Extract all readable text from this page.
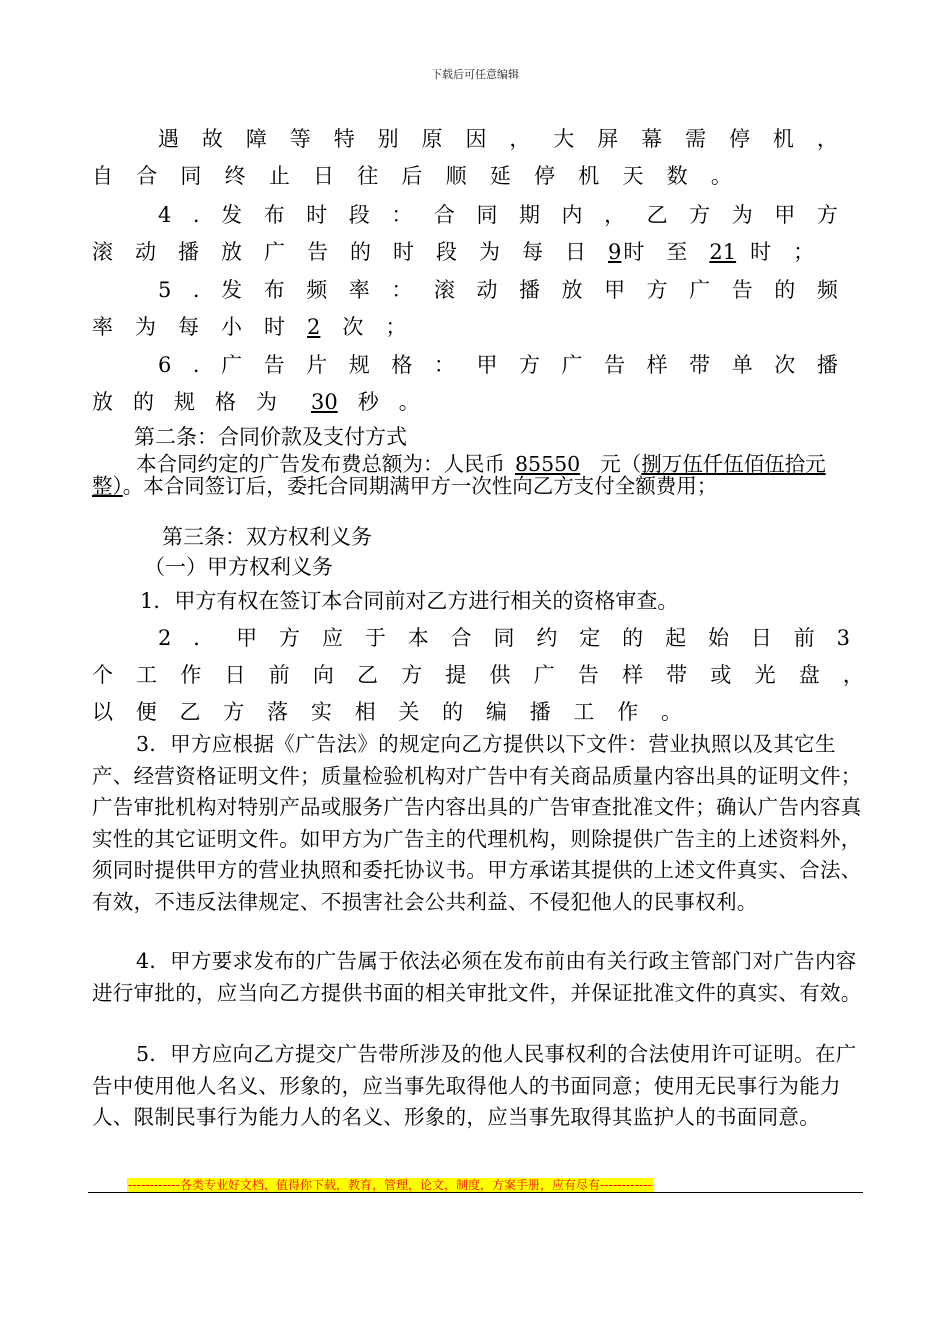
下载后可任意编辑
遇 故 障 等 特 别 原 因 ， 大 屏 幕 需 停 机 ，
自 合 同 终 止 日 往 后 顺 延 停 机 天 数 。
4 . 发 布 时 段 ： 合 同 期 内 ， 乙 方 为 甲 方
滚动播放广告的时段为每日9时至21 时；
5 . 发 布 频 率 ： 滚 动 播 放 甲 方 广 告 的 频
率为每小时2 次；
6 . 广 告 片 规 格 ： 甲 方 广 告 样 带 单 次 播
放的规格为 30 秒。
第二条：合同价款及支付方式
本合同约定的广告发布费总额为：人民币 85550 元（捌万伍仟伍佰伍拾元整）。本合同签订后，委托合同期满甲方一次性向乙方支付全额费用；
第三条：双方权利义务
（一）甲方权利义务
1．甲方有权在签订本合同前对乙方进行相关的资格审查。
2 ． 甲 方 应 于 本 合 同 约 定 的 起 始 日 前 3
个 工 作 日 前 向 乙 方 提 供 广 告 样 带 或 光 盘 ，
以 便 乙 方 落 实 相 关 的 编 播 工 作 。
3．甲方应根据《广告法》的规定向乙方提供以下文件：营业执照以及其它生产、经营资格证明文件；质量检验机构对广告中有关商品质量内容出具的证明文件；广告审批机构对特别产品或服务广告内容出具的广告审查批准文件；确认广告内容真实性的其它证明文件。如甲方为广告主的代理机构，则除提供广告主的上述资料外，须同时提供甲方的营业执照和委托协议书。甲方承诺其提供的上述文件真实、合法、有效，不违反法律规定、不损害社会公共利益、不侵犯他人的民事权利。
4．甲方要求发布的广告属于依法必须在发布前由有关行政主管部门对广告内容进行审批的，应当向乙方提供书面的相关审批文件，并保证批准文件的真实、有效。
5．甲方应向乙方提交广告带所涉及的他人民事权利的合法使用许可证明。在广告中使用他人名义、形象的，应当事先取得他人的书面同意；使用无民事行为能力人、限制民事行为能力人的名义、形象的，应当事先取得其监护人的书面同意。
------------各类专业好文档，值得你下载，教育，管理，论文，制度，方案手册，应有尽有------------
